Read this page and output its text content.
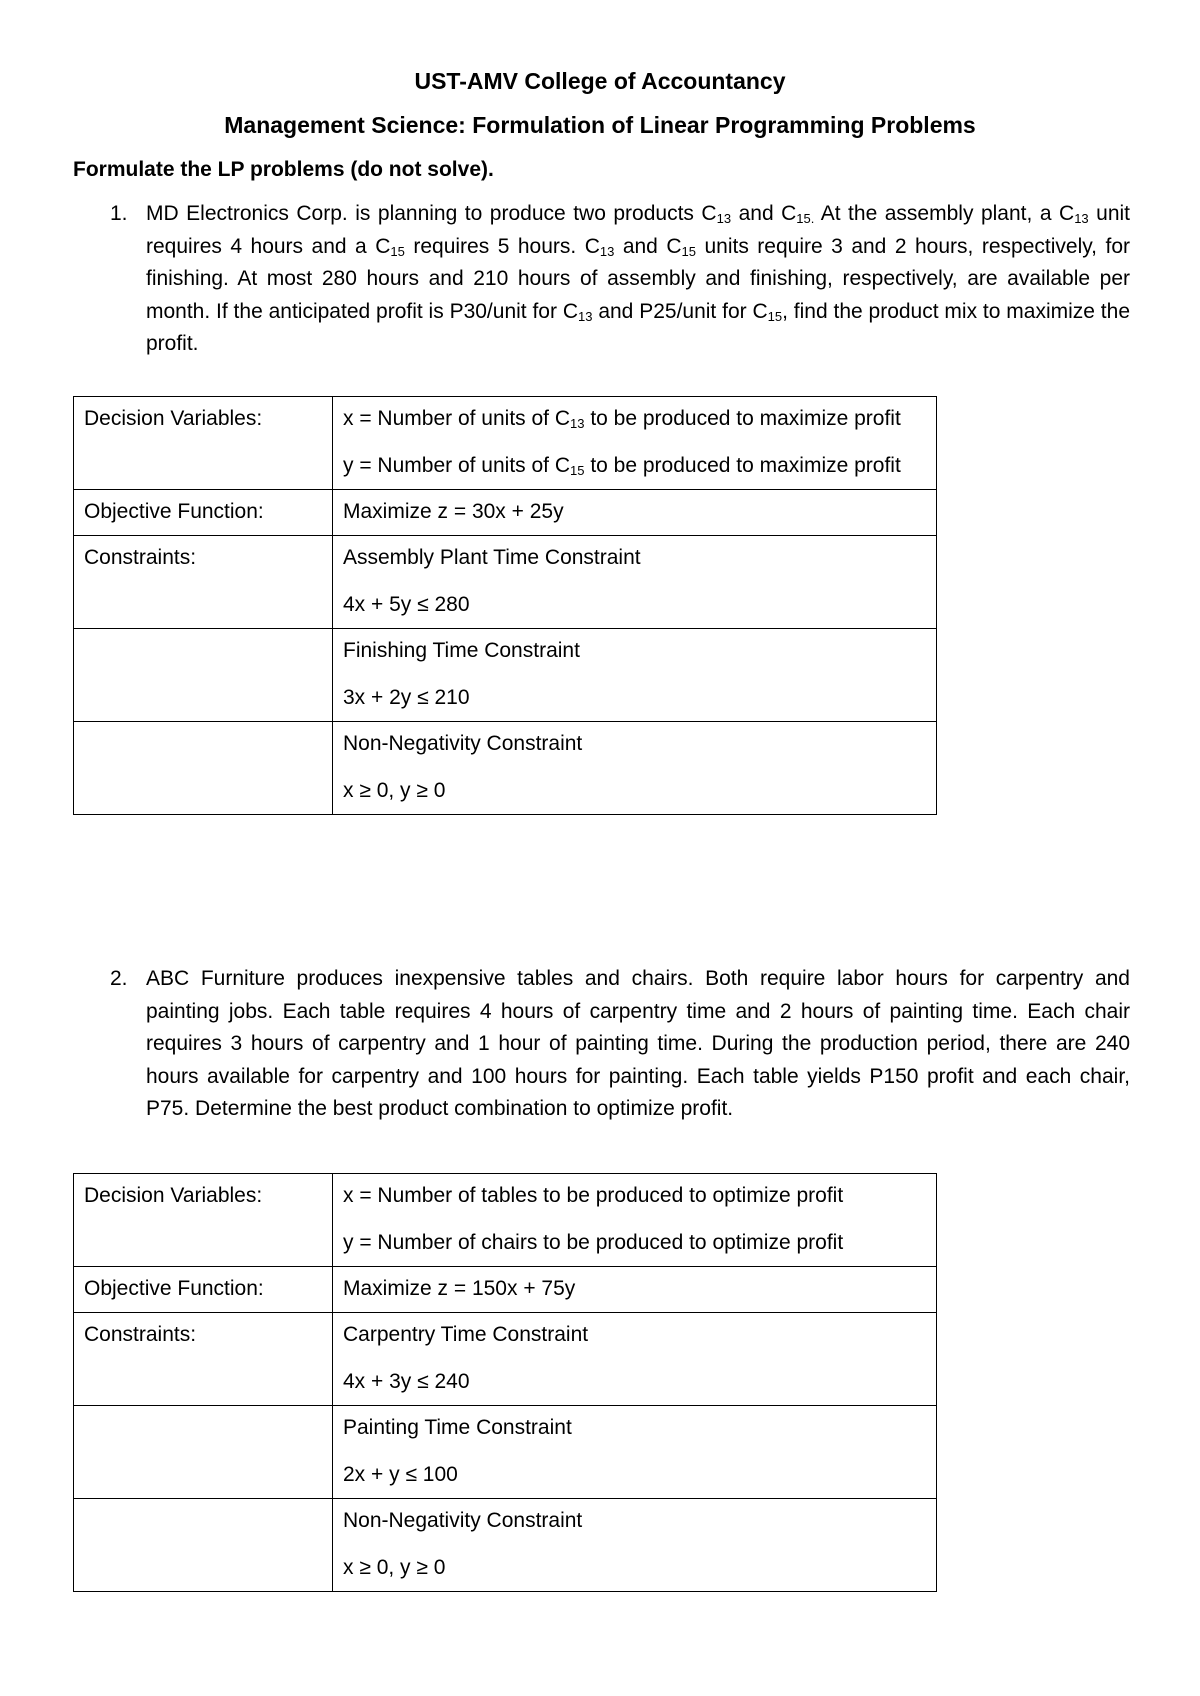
UST-AMV College of Accountancy
Management Science: Formulation of Linear Programming Problems
Formulate the LP problems (do not solve).
1. MD Electronics Corp. is planning to produce two products $C_{13}$ and $C_{15.}$ At the assembly plant, a $C_{13}$ unit requires 4 hours and a $C_{15}$ requires 5 hours. $C_{13}$ and $C_{15}$ units require 3 and 2 hours, respectively, for finishing. At most 280 hours and 210 hours of assembly and finishing, respectively, are available per month. If the anticipated profit is P30/unit for $C_{13}$ and P25/unit for $C_{15}$, find the product mix to maximize the profit.
Decision Variables:	x = Number of units of $C_{13}$ to be produced to maximize profit

y = Number of units of $C_{15}$ to be produced to maximize profit

Objective Function:	Maximize z = 30x + 25y

Constraints:	Assembly Plant Time Constraint

4x + 5y ≤ 280

	Finishing Time Constraint

3x + 2y ≤ 210

	Non-Negativity Constraint

x ≥ 0, y ≥ 0

2. ABC Furniture produces inexpensive tables and chairs. Both require labor hours for carpentry and painting jobs. Each table requires 4 hours of carpentry time and 2 hours of painting time. Each chair requires 3 hours of carpentry and 1 hour of painting time. During the production period, there are 240 hours available for carpentry and 100 hours for painting. Each table yields P150 profit and each chair, P75. Determine the best product combination to optimize profit.
Decision Variables:	x = Number of tables to be produced to optimize profit

y = Number of chairs to be produced to optimize profit

Objective Function:	Maximize z = 150x + 75y

Constraints:	Carpentry Time Constraint

4x + 3y ≤ 240

	Painting Time Constraint

2x + y ≤ 100

	Non-Negativity Constraint

x ≥ 0, y ≥ 0
